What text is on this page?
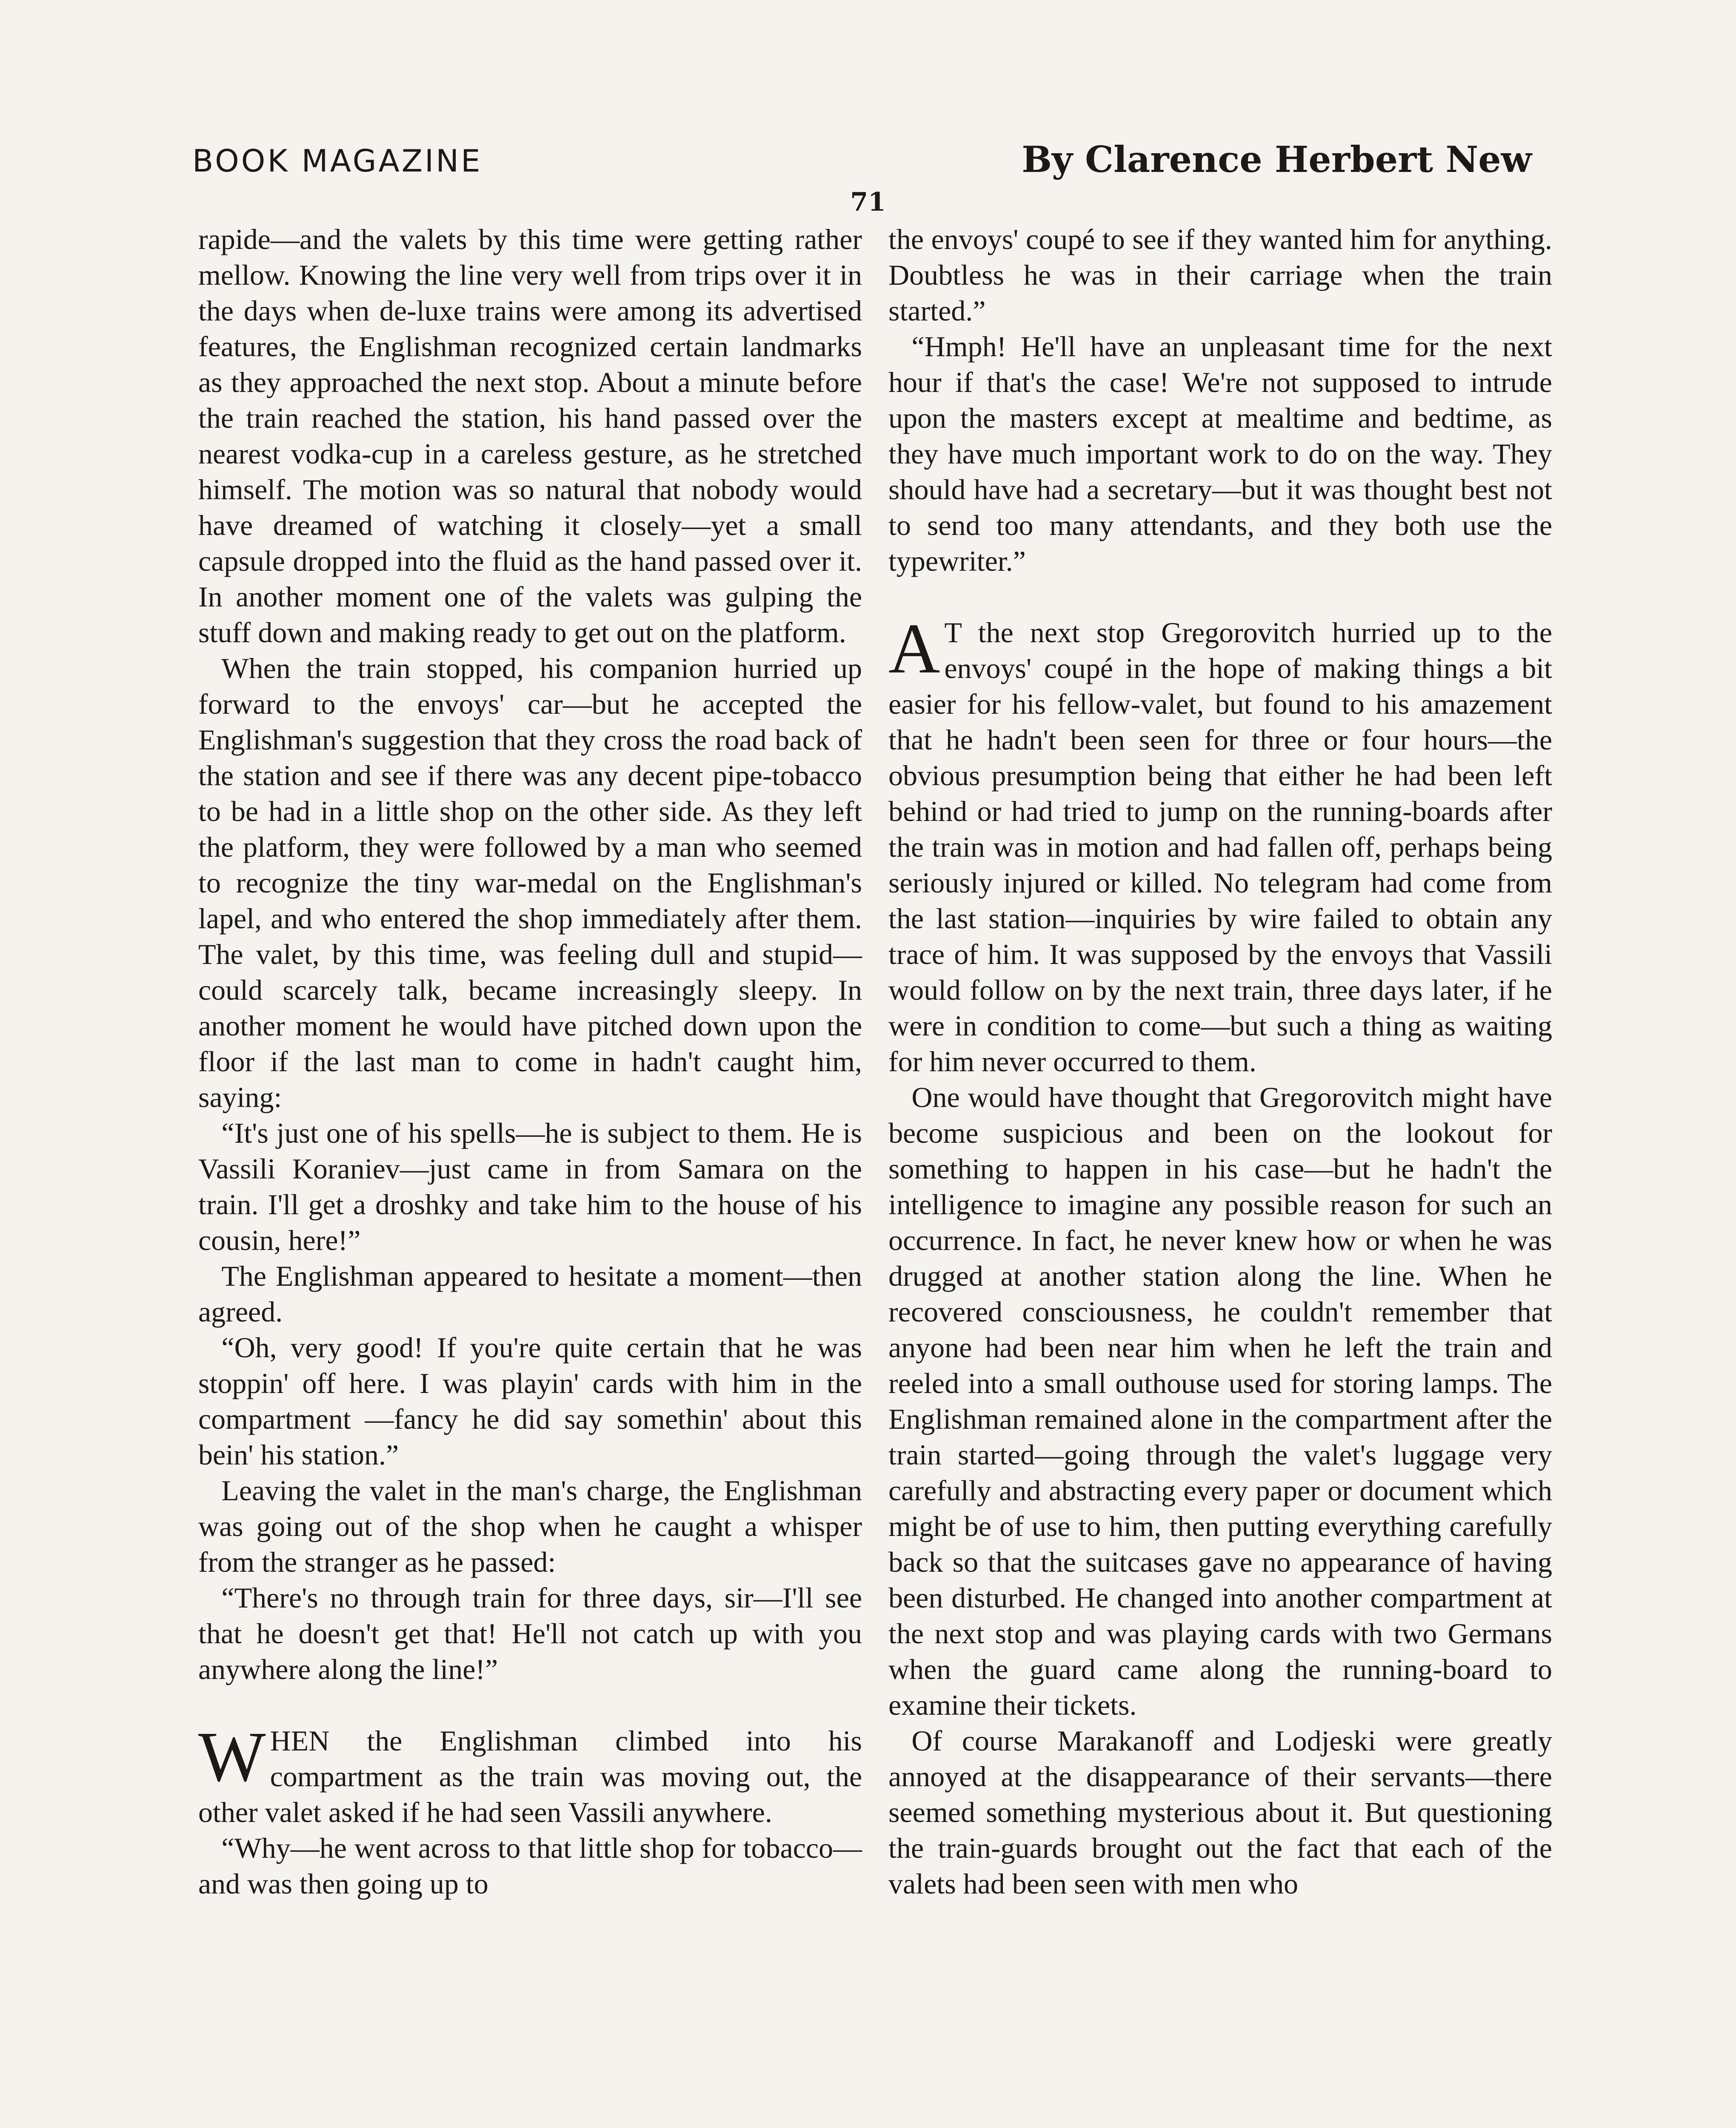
BOOK MAGAZINE	By Clarence Herbert New
71

rapide—and the valets by this time were getting rather mellow. Knowing the line very well from trips over it in the days when de-luxe trains were among its advertised features, the Englishman recognized certain landmarks as they approached the next stop. About a minute before the train reached the station, his hand passed over the nearest vodka-cup in a careless gesture, as he stretched himself. The motion was so natural that nobody would have dreamed of watching it closely—yet a small capsule dropped into the fluid as the hand passed over it. In another moment one of the valets was gulping the stuff down and making ready to get out on the platform.

When the train stopped, his companion hurried up forward to the envoys' car—but he accepted the Englishman's suggestion that they cross the road back of the station and see if there was any decent pipe-tobacco to be had in a little shop on the other side. As they left the platform, they were followed by a man who seemed to recognize the tiny war-medal on the Englishman's lapel, and who entered the shop immediately after them. The valet, by this time, was feeling dull and stupid—could scarcely talk, became increasingly sleepy. In another moment he would have pitched down upon the floor if the last man to come in hadn't caught him, saying:

“It's just one of his spells—he is subject to them. He is Vassili Koraniev—just came in from Samara on the train. I'll get a droshky and take him to the house of his cousin, here!”

The Englishman appeared to hesitate a moment—then agreed.

“Oh, very good! If you're quite certain that he was stoppin' off here. I was playin' cards with him in the compartment —fancy he did say somethin' about this bein' his station.”

Leaving the valet in the man's charge, the Englishman was going out of the shop when he caught a whisper from the stranger as he passed:

“There's no through train for three days, sir—I'll see that he doesn't get that! He'll not catch up with you anywhere along the line!”

WHEN the Englishman climbed into his compartment as the train was moving out, the other valet asked if he had seen Vassili anywhere.

“Why—he went across to that little shop for tobacco—and was then going up to

the envoys' coupé to see if they wanted him for anything. Doubtless he was in their carriage when the train started.”

“Hmph! He'll have an unpleasant time for the next hour if that's the case! We're not supposed to intrude upon the masters except at mealtime and bedtime, as they have much important work to do on the way. They should have had a secretary—but it was thought best not to send too many attendants, and they both use the typewriter.”

AT the next stop Gregorovitch hurried up to the envoys' coupé in the hope of making things a bit easier for his fellow-valet, but found to his amazement that he hadn't been seen for three or four hours—the obvious presumption being that either he had been left behind or had tried to jump on the running-boards after the train was in motion and had fallen off, perhaps being seriously injured or killed. No telegram had come from the last station—inquiries by wire failed to obtain any trace of him. It was supposed by the envoys that Vassili would follow on by the next train, three days later, if he were in condition to come—but such a thing as waiting for him never occurred to them.

One would have thought that Gregorovitch might have become suspicious and been on the lookout for something to happen in his case—but he hadn't the intelligence to imagine any possible reason for such an occurrence. In fact, he never knew how or when he was drugged at another station along the line. When he recovered consciousness, he couldn't remember that anyone had been near him when he left the train and reeled into a small outhouse used for storing lamps. The Englishman remained alone in the compartment after the train started—going through the valet's luggage very carefully and abstracting every paper or document which might be of use to him, then putting everything carefully back so that the suitcases gave no appearance of having been disturbed. He changed into another compartment at the next stop and was playing cards with two Germans when the guard came along the running-board to examine their tickets.

Of course Marakanoff and Lodjeski were greatly annoyed at the disappearance of their servants—there seemed something mysterious about it. But questioning the train-guards brought out the fact that each of the valets had been seen with men who
